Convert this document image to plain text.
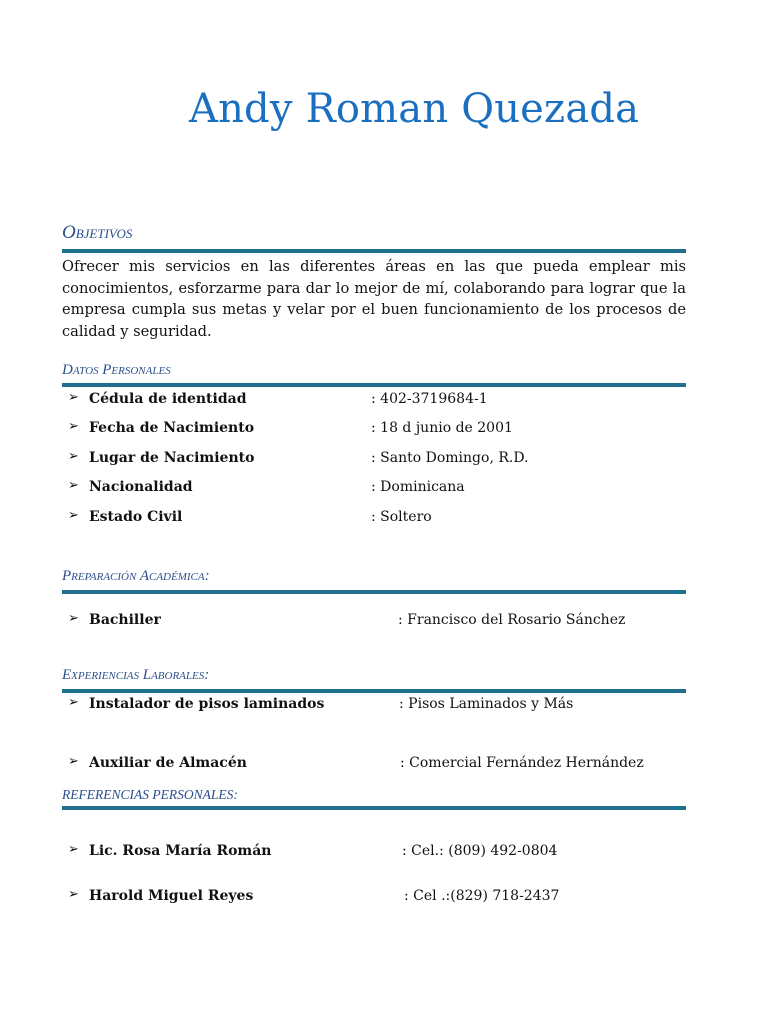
Andy Roman Quezada
Objetivos
Ofrecer mis servicios en las diferentes áreas en las que pueda emplear mis conocimientos, esforzarme para dar lo mejor de mí, colaborando para lograr que la empresa cumpla sus metas y velar por el buen funcionamiento de los procesos de calidad y seguridad.
Datos Personales
➢ Cédula de identidad	: 402-3719684-1
➢ Fecha de Nacimiento	: 18 d junio de 2001
➢ Lugar de Nacimiento	: Santo Domingo, R.D.
➢ Nacionalidad	: Dominicana
➢ Estado Civil	: Soltero
Preparación Académica:
➢ Bachiller	: Francisco del Rosario Sánchez
Experiencias Laborales:
➢ Instalador de pisos laminados	: Pisos Laminados y Más
➢ Auxiliar de Almacén	: Comercial Fernández Hernández
REFERENCIAS PERSONALES:
➢ Lic. Rosa María Román	: Cel.: (809) 492-0804
➢ Harold Miguel Reyes	: Cel .:(829) 718-2437
